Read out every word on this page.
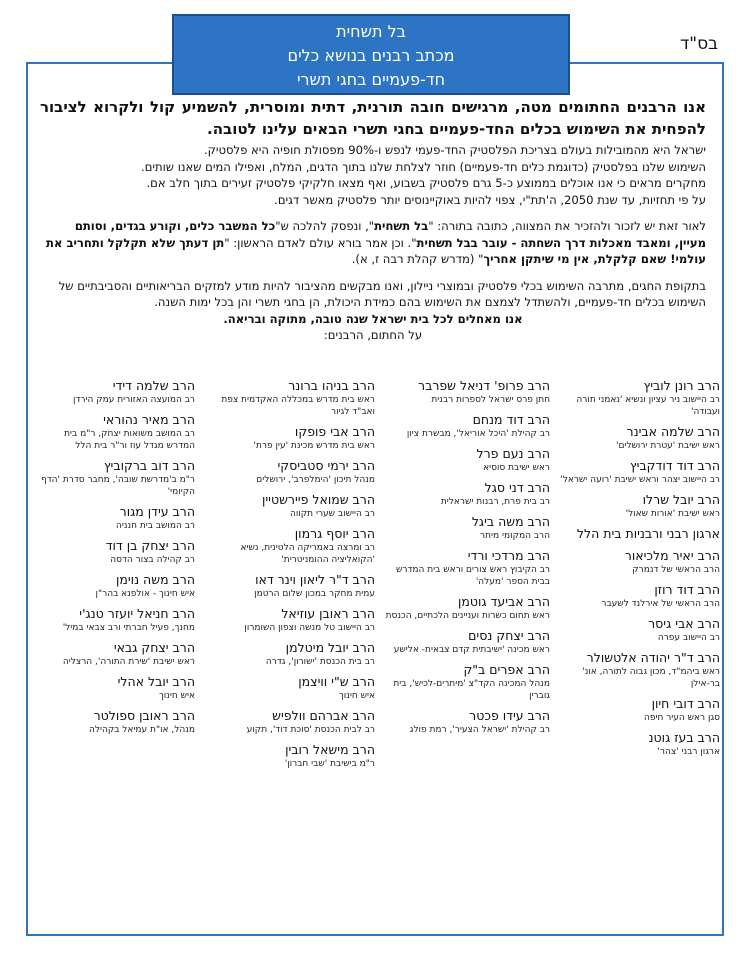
בס"ד
בל תשחית
מכתב רבנים בנושא כלים
חד-פעמיים בחגי תשרי

אנו הרבנים החתומים מטה, מרגישים חובה תורנית, דתית ומוסרית, להשמיע קול ולקרוא לציבור להפחית את השימוש בכלים החד-פעמיים בחגי תשרי הבאים עלינו לטובה.

ישראל היא מהמובילות בעולם בצריכת הפלסטיק החד-פעמי לנפש ו-90% מפסולת חופיה היא פלסטיק.

השימוש שלנו בפלסטיק (כדוגמת כלים חד-פעמיים) חוזר לצלחת שלנו בתוך הדגים, המלח, ואפילו המים שאנו שותים.

מחקרים מראים כי אנו אוכלים בממוצע כ-5 גרם פלסטיק בשבוע, ואף מצאו חלקיקי פלסטיק זעירים בתוך חלב אם.

על פי תחזיות, עד שנת 2050, ה'תת"י, צפוי להיות באוקיינוסים יותר פלסטיק מאשר דגים.

לאור זאת יש לזכור ולהזכיר את המצווה, כתובה בתורה: "בל תשחית", ונפסק להלכה ש"כל המשבר כלים, וקורע בגדים, וסותם מעיין, ומאבד מאכלות דרך השחתה - עובר בבל תשחית". וכן אמר בורא עולם לאדם הראשון: "תן דעתך שלא תקלקל ותחריב את עולמי! שאם קלקלת, אין מי שיתקן אחריך" (מדרש קהלת רבה ז, א).

בתקופת החגים, מתרבה השימוש בכלי פלסטיק ובמוצרי ניילון, ואנו מבקשים מהציבור להיות מודע למזקים הבריאותיים והסביבתיים של השימוש בכלים חד-פעמיים, ולהשתדל לצמצם את השימוש בהם כמידת היכולת, הן בחגי תשרי והן בכל ימות השנה.

אנו מאחלים לכל בית ישראל שנה טובה, מתוקה ובריאה.

על החתום, הרבנים:

הרב רונן לוביץ
רב היישוב ניר עציון ונשיא 'נאמני תורה ועבודה'
הרב שלמה אבינר
ראש ישיבת 'עטרת ירושלים'
הרב דוד דודקביץ
רב היישוב יצהר וראש ישיבת 'רועה ישראל'
הרב יובל שרלו
ראש ישיבת 'אורות שאול'
ארגון רבני ורבניות בית הלל
הרב יאיר מלכיאור
הרב הראשי של דנמרק
הרב דוד רוזן
הרב הראשי של אירלנד לשעבר
הרב אבי גיסר
רב היישוב עפרה
הרב ד"ר יהודה אלטשולר
ראש ביהמ"ד, מכון גבוה לתורה, אונ' בר-אילן
הרב דובי חיון
סגן ראש העיר חיפה
הרב בעז גוטנ
ארגון רבני 'צהר'
הרב פרופ' דניאל שפרבר
חתן פרס ישראל לספרות רבנית
הרב דוד מנחם
רב קהילת 'היכל אוריאל', מבשרת ציון
הרב נעם פרל
ראש ישיבת סוסיא
הרב דני סגל
רב בית פרת, רבנות ישראלית
הרב משה ביגל
הרב המקומי מיתר
הרב מרדכי ורדי
רב הקיבוץ ראש צורים וראש בית המדרש בבית הספר 'מעלה'
הרב אביעד גוטמן
ראש תחום כשרות ועניינים הלכתיים, הכנסת
הרב יצחק נסים
ראש מכינה 'ישיבתית קדם צבאית- אלישע
הרב אפרים ב"ק
מנהל המכינה הקד"צ 'מיתרים-לכיש', בית גוברין
הרב עידו פכטר
רב קהילת 'ישראל הצעיר', רמת פולג
הרב בניהו ברונר
ראש בית מדרש במכללה האקדמית צפת ואב"ד לגיור
הרב אבי פופקו
ראש בית מדרש מכינת 'עין פרת'
הרב ירמי סטביסקי
מנהל תיכון 'הימלפרב', ירושלים
הרב שמואל פיירשטיין
רב היישוב שערי תקווה
הרב יוסף גרמון
רב ומרצה באמריקה הלטינית, נשיא 'הקואליציה ההומניטרית'
הרב ד"ר ליאון וינר דאו
עמית מחקר במכון שלום הרטמן
הרב ראובן עוזיאל
רב היישוב טל מנשה וצפון השומרון
הרב יובל מיטלמן
רב בית הכנסת 'ישורון', גדרה
הרב ש"י וויצמן
איש חינוך
הרב אברהם וולפיש
רב לבית הכנסת 'סוכת דוד', תקוע
הרב מישאל רובין
ר"מ בישיבת 'שבי חברון'
הרב שלמה דידי
רב המועצה האזורית עמק הירדן
הרב מאיר נהוראי
רב המושב משואות יצחק, ר"מ בית המדרש מגדל עוז ור"ר בית הלל
הרב דוב ברקוביץ
ר"מ ב'מדרשת שובה', מחבר סדרת 'הדף הקיומי'
הרב עידן מגור
רב המושב בית חנניה
הרב יצחק בן דוד
רב קהילה בצור הדסה
הרב משה נוימן
איש חינוך - אולפנא בהר"ן
הרב חניאל יועזר טנג'י
מחנך, פעיל חברתי ורב צבאי במיל'
הרב יצחק גבאי
ראש ישיבת 'שירת התורה', הרצליה
הרב יובל אהלי
איש חינוך
הרב ראובן ספולטר
מנהל, או"ת עמיאל בקהילה
